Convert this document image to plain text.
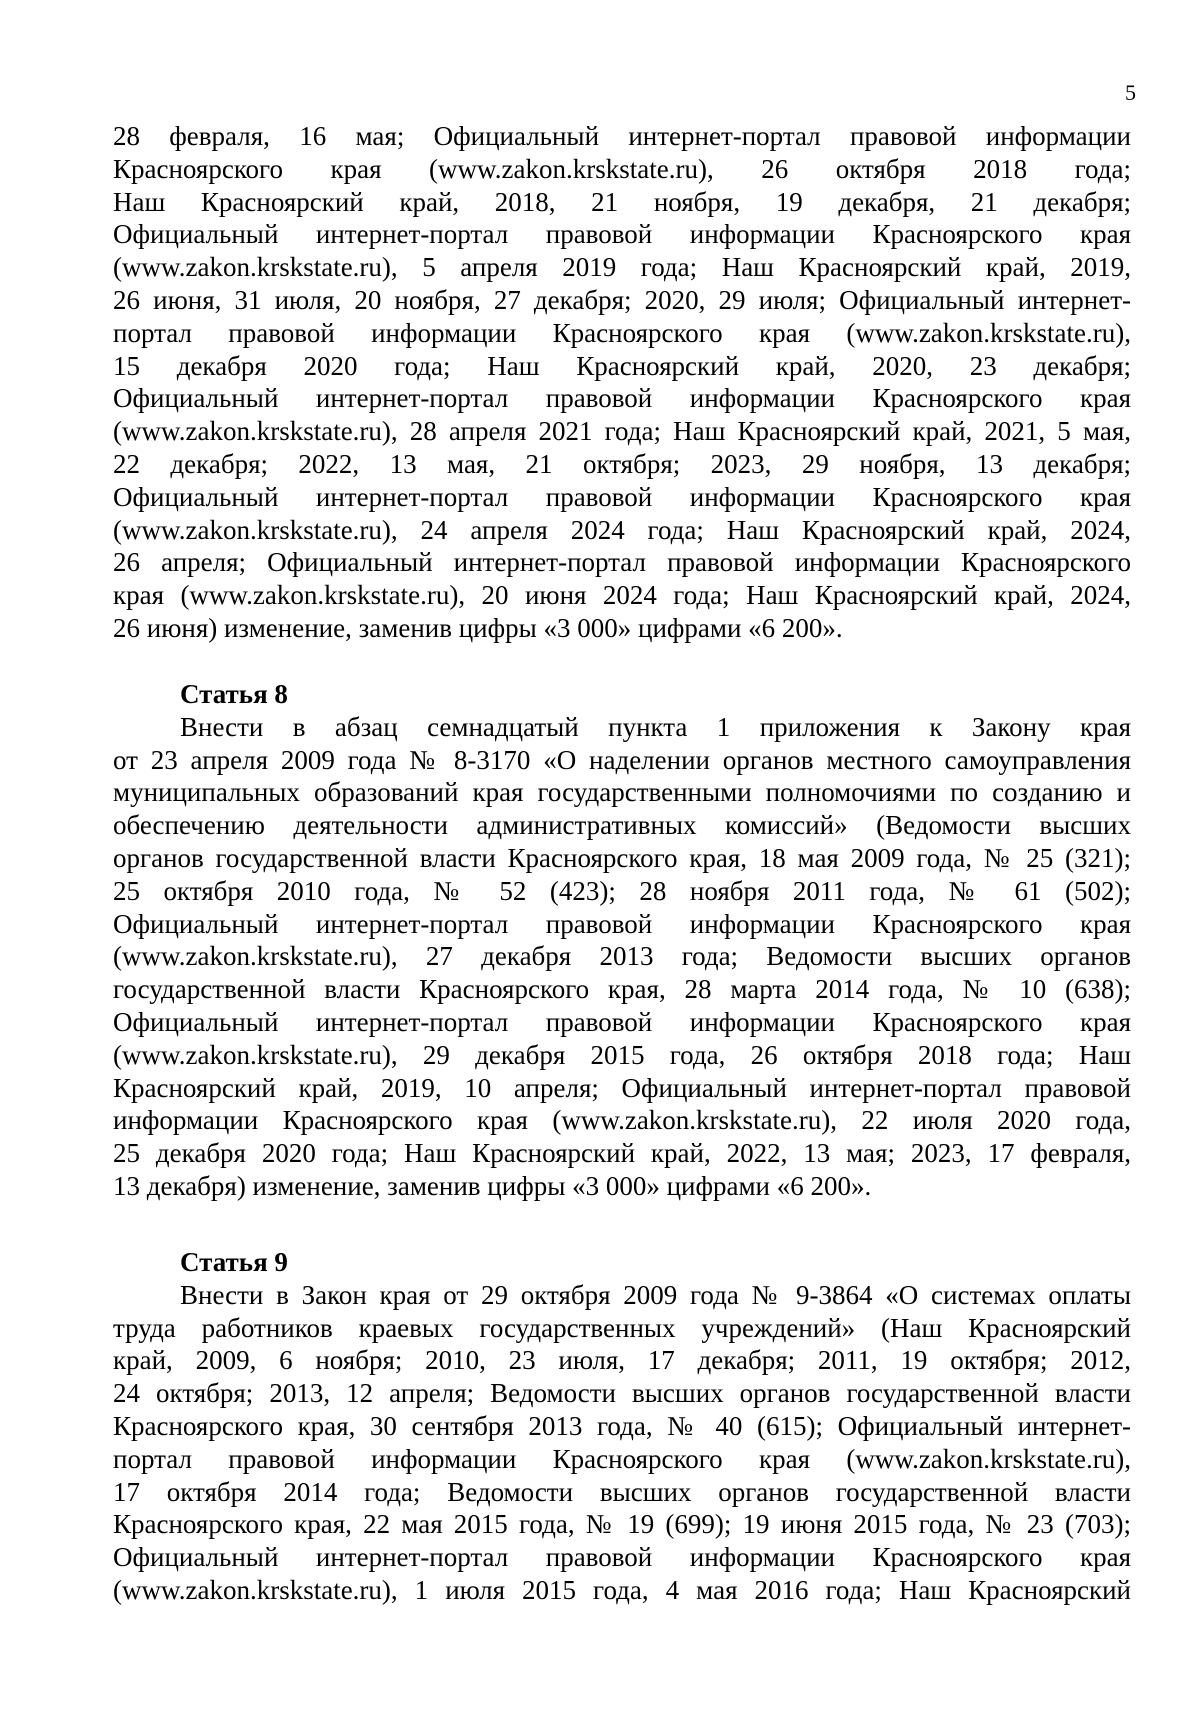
5
28 февраля, 16 мая; Официальный интернет-портал правовой информации
Красноярского края (www.zakon.krskstate.ru), 26 октября 2018 года;
Наш Красноярский край, 2018, 21 ноября, 19 декабря, 21 декабря;
Официальный интернет-портал правовой информации Красноярского края
(www.zakon.krskstate.ru), 5 апреля 2019 года; Наш Красноярский край, 2019,
26 июня, 31 июля, 20 ноября, 27 декабря; 2020, 29 июля; Официальный интернет-
портал правовой информации Красноярского края (www.zakon.krskstate.ru),
15 декабря 2020 года; Наш Красноярский край, 2020, 23 декабря;
Официальный интернет-портал правовой информации Красноярского края
(www.zakon.krskstate.ru), 28 апреля 2021 года; Наш Красноярский край, 2021, 5 мая,
22 декабря; 2022, 13 мая, 21 октября; 2023, 29 ноября, 13 декабря;
Официальный интернет-портал правовой информации Красноярского края
(www.zakon.krskstate.ru), 24 апреля 2024 года; Наш Красноярский край, 2024,
26 апреля; Официальный интернет-портал правовой информации Красноярского
края (www.zakon.krskstate.ru), 20 июня 2024 года; Наш Красноярский край, 2024,
26 июня) изменение, заменив цифры «3 000» цифрами «6 200».
Статья 8
Внести в абзац семнадцатый пункта 1 приложения к Закону края
от 23 апреля 2009 года № 8-3170 «О наделении органов местного самоуправления
муниципальных образований края государственными полномочиями по созданию и
обеспечению деятельности административных комиссий» (Ведомости высших
органов государственной власти Красноярского края, 18 мая 2009 года, № 25 (321);
25 октября 2010 года, № 52 (423); 28 ноября 2011 года, № 61 (502);
Официальный интернет-портал правовой информации Красноярского края
(www.zakon.krskstate.ru), 27 декабря 2013 года; Ведомости высших органов
государственной власти Красноярского края, 28 марта 2014 года, № 10 (638);
Официальный интернет-портал правовой информации Красноярского края
(www.zakon.krskstate.ru), 29 декабря 2015 года, 26 октября 2018 года; Наш
Красноярский край, 2019, 10 апреля; Официальный интернет-портал правовой
информации Красноярского края (www.zakon.krskstate.ru), 22 июля 2020 года,
25 декабря 2020 года; Наш Красноярский край, 2022, 13 мая; 2023, 17 февраля,
13 декабря) изменение, заменив цифры «3 000» цифрами «6 200».
Статья 9
Внести в Закон края от 29 октября 2009 года № 9-3864 «О системах оплаты
труда работников краевых государственных учреждений» (Наш Красноярский
край, 2009, 6 ноября; 2010, 23 июля, 17 декабря; 2011, 19 октября; 2012,
24 октября; 2013, 12 апреля; Ведомости высших органов государственной власти
Красноярского края, 30 сентября 2013 года, № 40 (615); Официальный интернет-
портал правовой информации Красноярского края (www.zakon.krskstate.ru),
17 октября 2014 года; Ведомости высших органов государственной власти
Красноярского края, 22 мая 2015 года, № 19 (699); 19 июня 2015 года, № 23 (703);
Официальный интернет-портал правовой информации Красноярского края
(www.zakon.krskstate.ru), 1 июля 2015 года, 4 мая 2016 года; Наш Красноярский
